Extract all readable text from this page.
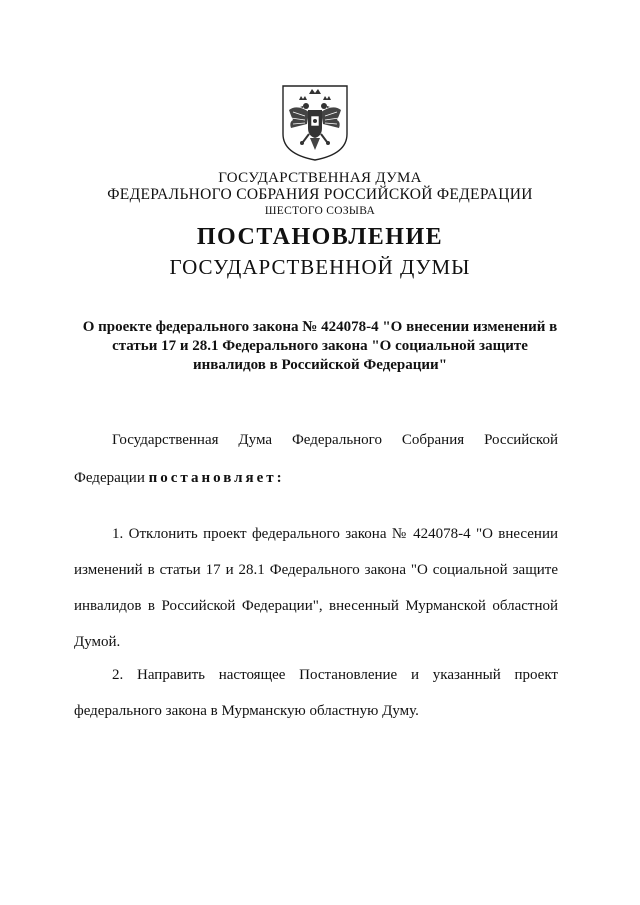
ГОСУДАРСТВЕННАЯ ДУМА
ФЕДЕРАЛЬНОГО СОБРАНИЯ РОССИЙСКОЙ ФЕДЕРАЦИИ
ШЕСТОГО СОЗЫВА
ПОСТАНОВЛЕНИЕ
ГОСУДАРСТВЕННОЙ ДУМЫ
О проекте федерального закона № 424078-4 "О внесении изменений в
статьи 17 и 28.1 Федерального закона "О социальной защите
инвалидов в Российской Федерации"
Государственная Дума Федерального Собрания Российской
Федерации постановляет:
1. Отклонить проект федерального закона № 424078-4 "О внесении
изменений в статьи 17 и 28.1 Федерального закона "О социальной защите
инвалидов в Российской Федерации", внесенный Мурманской областной
Думой.
2. Направить настоящее Постановление и указанный проект
федерального закона в Мурманскую областную Думу.
